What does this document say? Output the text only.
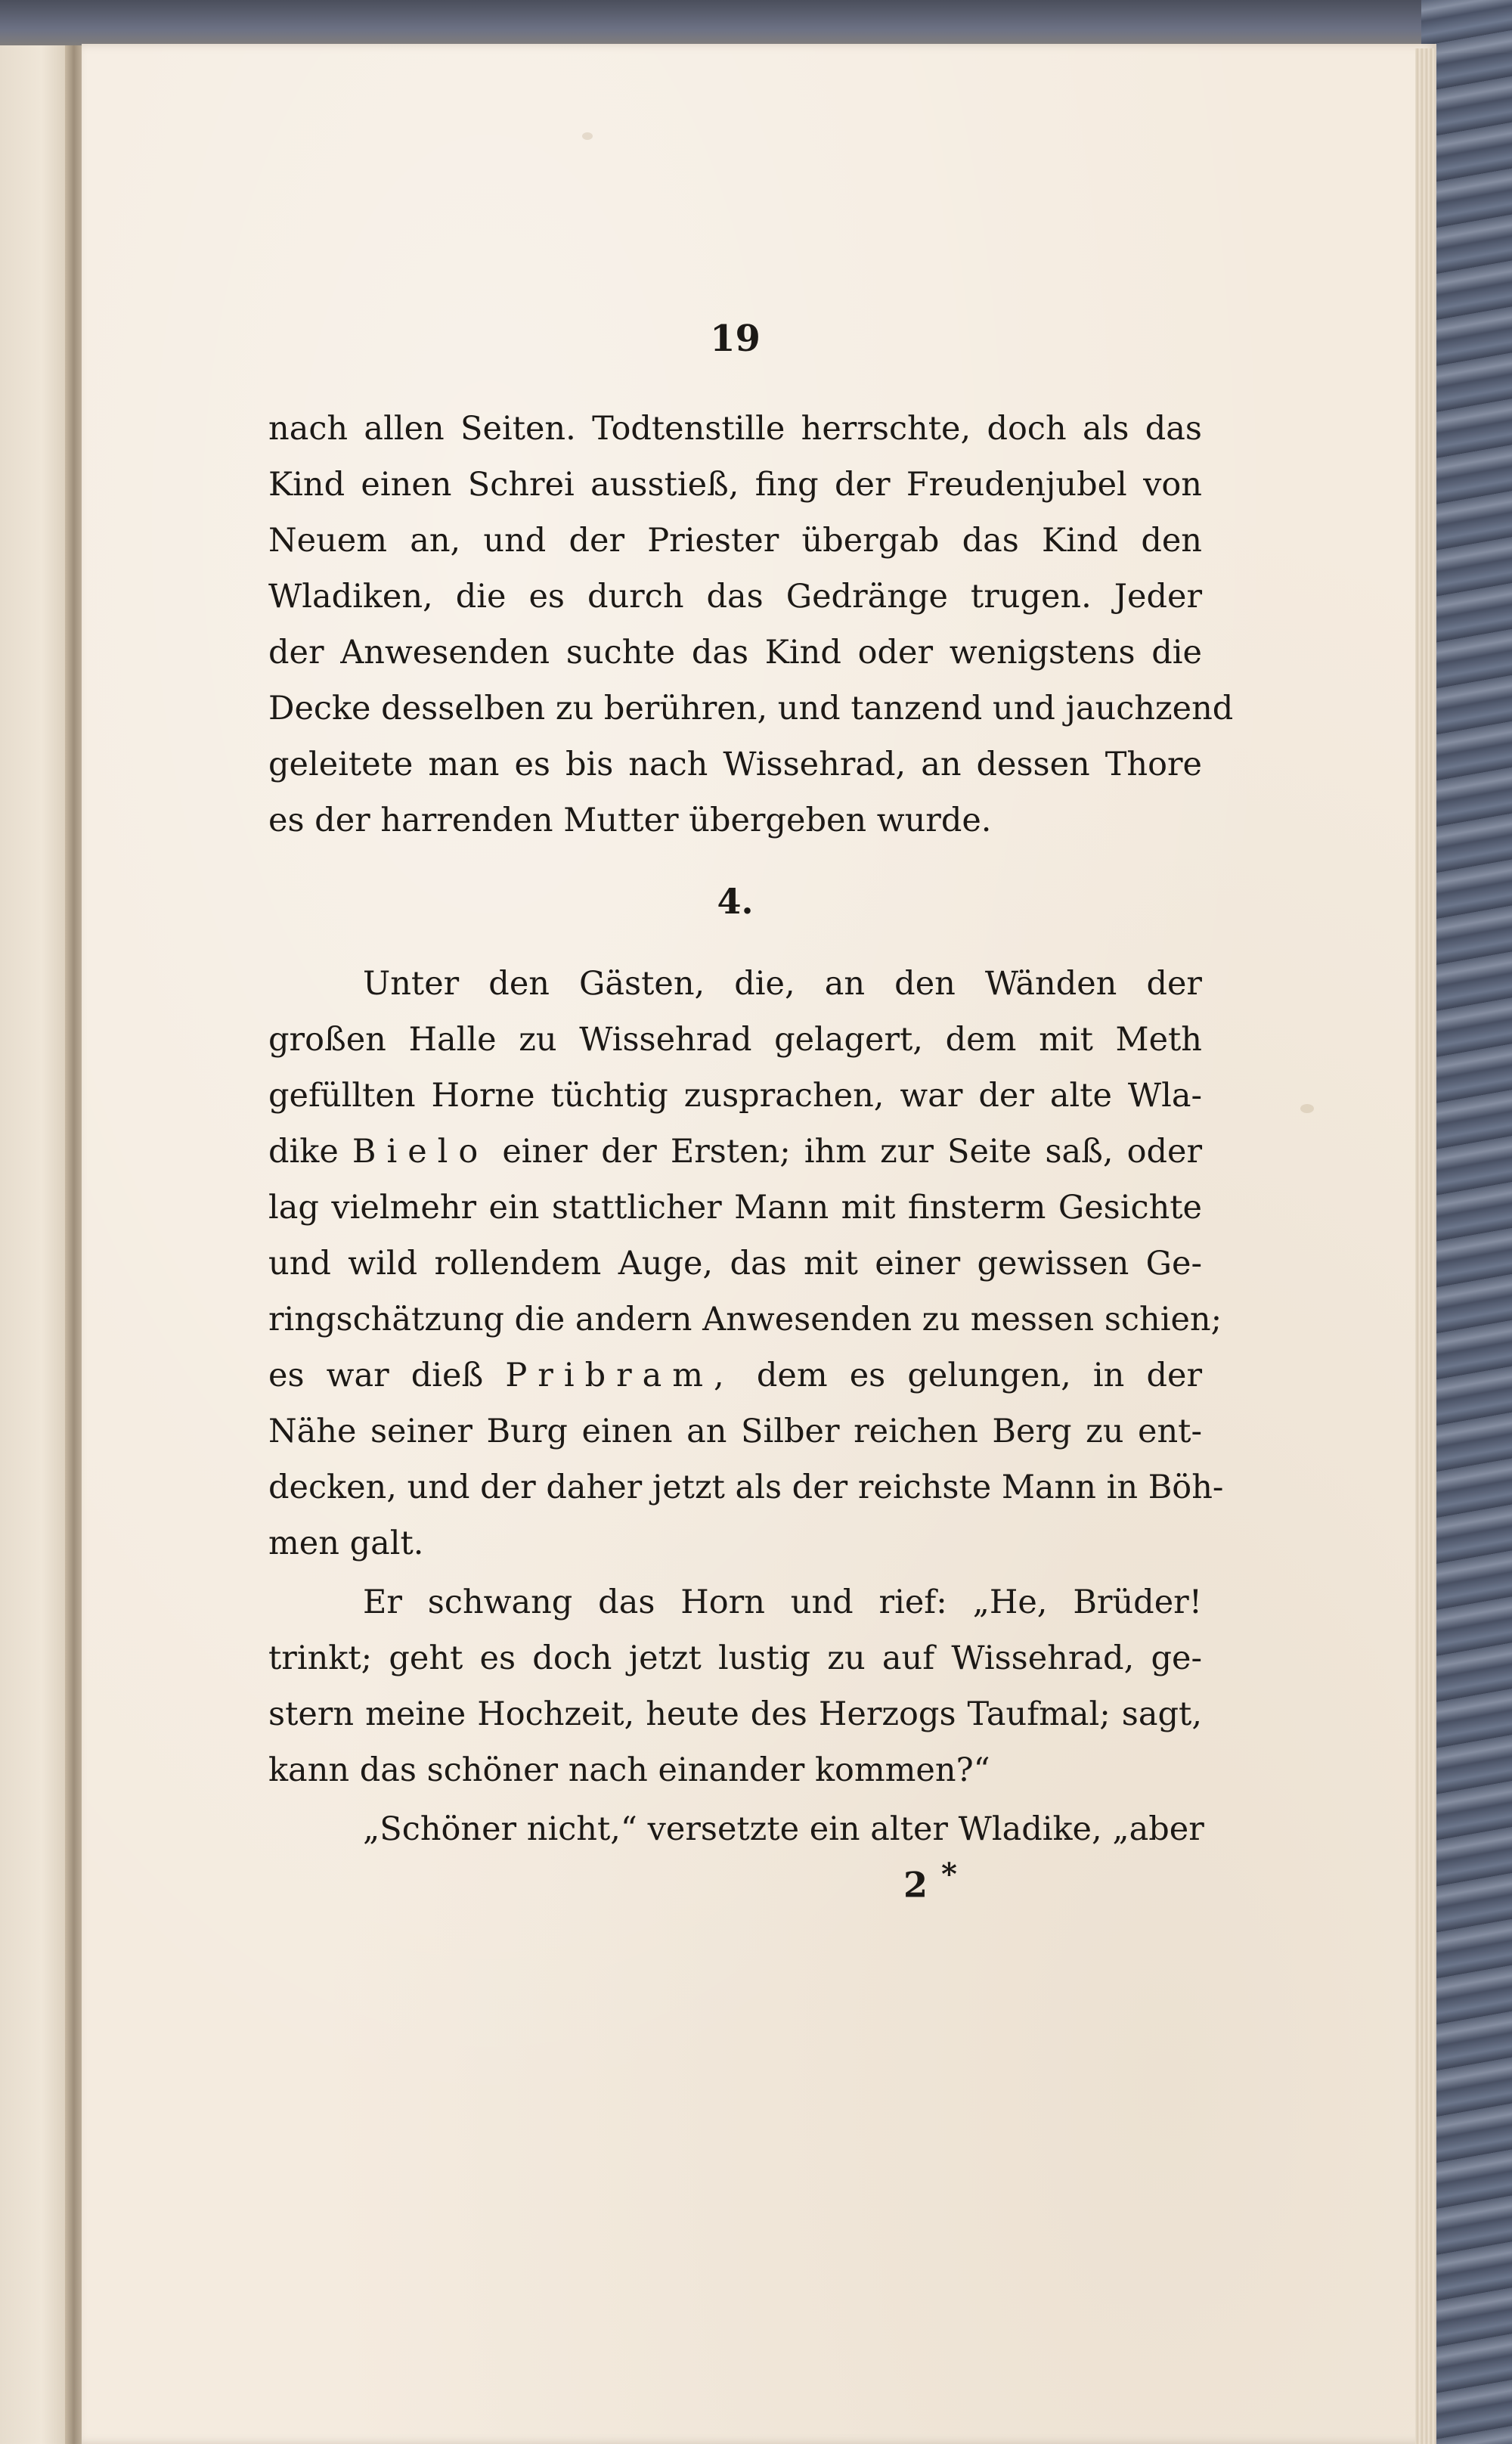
19
nach allen Seiten. Todtenstille herrschte, doch als das
Kind einen Schrei ausstieß, fing der Freudenjubel von
Neuem an, und der Priester übergab das Kind den
Wladiken, die es durch das Gedränge trugen. Jeder
der Anwesenden suchte das Kind oder wenigstens die
Decke desselben zu berühren, und tanzend und jauchzend
geleitete man es bis nach Wissehrad, an dessen Thore
es der harrenden Mutter übergeben wurde.
4.
Unter den Gästen, die, an den Wänden der
großen Halle zu Wissehrad gelagert, dem mit Meth
gefüllten Horne tüchtig zusprachen, war der alte Wla-
dike Bielo einer der Ersten; ihm zur Seite saß, oder
lag vielmehr ein stattlicher Mann mit finsterm Gesichte
und wild rollendem Auge, das mit einer gewissen Ge-
ringschätzung die andern Anwesenden zu messen schien;
es war dieß Pribram, dem es gelungen, in der
Nähe seiner Burg einen an Silber reichen Berg zu ent-
decken, und der daher jetzt als der reichste Mann in Böh-
men galt.
Er schwang das Horn und rief: „He, Brüder!
trinkt; geht es doch jetzt lustig zu auf Wissehrad, ge-
stern meine Hochzeit, heute des Herzogs Taufmal; sagt,
kann das schöner nach einander kommen?“
„Schöner nicht,“ versetzte ein alter Wladike, „aber
2 *
